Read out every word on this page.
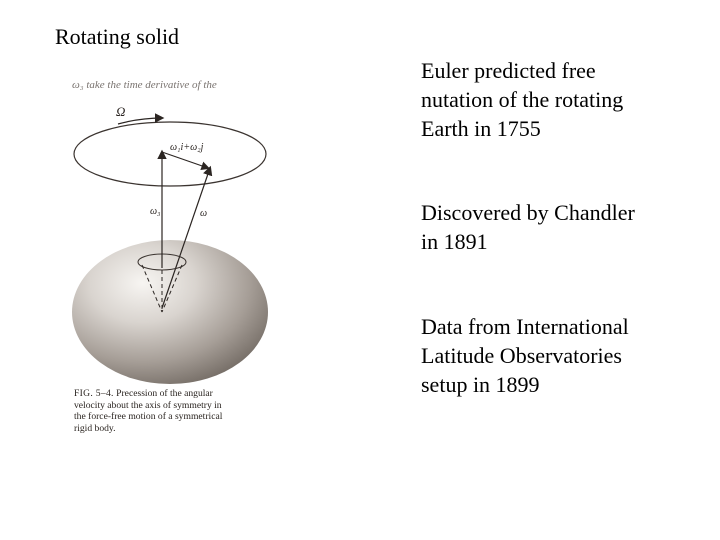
Rotating solid
ω₃ take the time derivative of the
Ω
ω₃
ω₁i+ω₂j
ω
FIG. 5–4. Precession of the angular
velocity about the axis of symmetry in
the force-free motion of a symmetrical
rigid body.
Euler predicted free
nutation of the rotating
Earth in 1755
Discovered by Chandler
in 1891
Data from International
Latitude Observatories
setup in 1899
